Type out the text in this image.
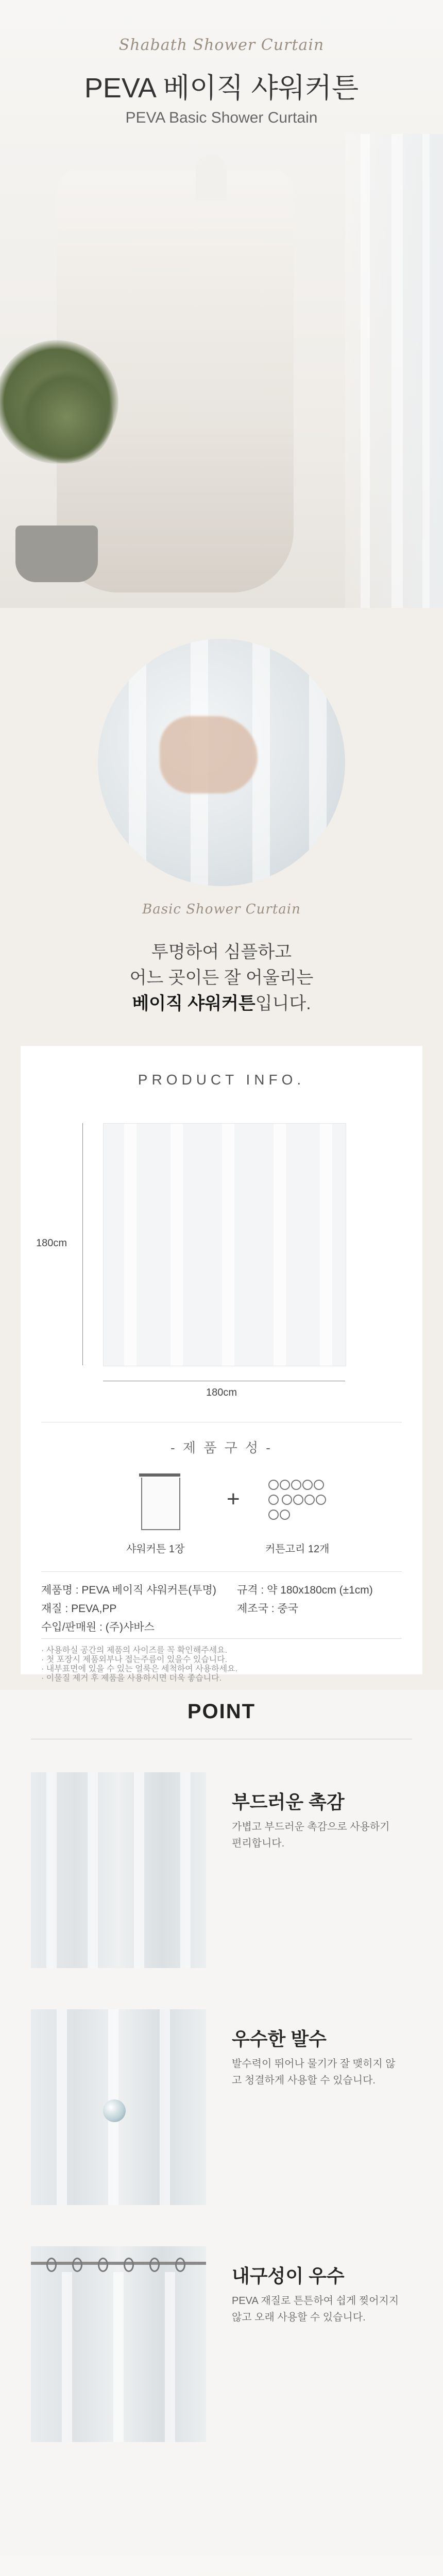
Shabath Shower Curtain
PEVA 베이직 샤워커튼
PEVA Basic Shower Curtain
Basic Shower Curtain
투명하여 심플하고
어느 곳이든 잘 어울리는
베이직 샤워커튼입니다.
PRODUCT INFO.
180cm
180cm
- 제 품 구 성 -
샤워커튼 1장
+

커튼고리 12개
제품명 : PEVA 베이직 샤워커튼(투명) 규격 : 약 180x180cm (±1cm)
재질 : PEVA,PP	제조국 : 중국
수입/판매원 : (주)샤바스
· 사용하실 공간의 제품의 사이즈를 꼭 확인해주세요.
· 첫 포장시 제품외부나 접는주름이 있을수 있습니다.
· 내부표면에 있을 수 있는 얼룩은 세척하여 사용하세요.
· 이물질 제거 후 제품을 사용하시면 더욱 좋습니다.
POINT
부드러운 촉감
가볍고 부드러운 촉감으로 사용하기 편리합니다.
우수한 발수
발수력이 뛰어나 물기가 잘 맺히지 않고 청결하게 사용할 수 있습니다.
내구성이 우수
PEVA 재질로 튼튼하여 쉽게 찢어지지 않고 오래 사용할 수 있습니다.
